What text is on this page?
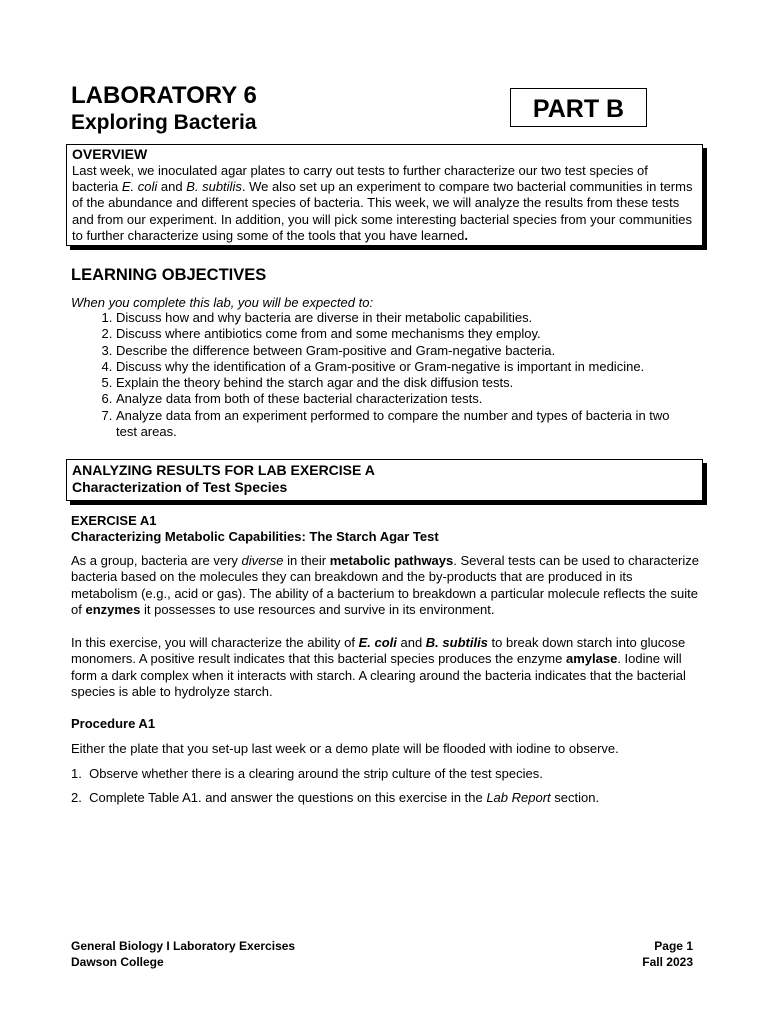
LABORATORY 6
Exploring Bacteria	PART B
OVERVIEW

Last week, we inoculated agar plates to carry out tests to further characterize our two test species of bacteria E. coli and B. subtilis. We also set up an experiment to compare two bacterial communities in terms of the abundance and different species of bacteria. This week, we will analyze the results from these tests and from our experiment. In addition, you will pick some interesting bacterial species from your communities to further characterize using some of the tools that you have learned.

LEARNING OBJECTIVES
When you complete this lab, you will be expected to:
1. Discuss how and why bacteria are diverse in their metabolic capabilities.
2. Discuss where antibiotics come from and some mechanisms they employ.
3. Describe the difference between Gram-positive and Gram-negative bacteria.
4. Discuss why the identification of a Gram-positive or Gram-negative is important in medicine.
5. Explain the theory behind the starch agar and the disk diffusion tests.
6. Analyze data from both of these bacterial characterization tests.
7. Analyze data from an experiment performed to compare the number and types of bacteria in two test areas.
ANALYZING RESULTS FOR LAB EXERCISE A
Characterization of Test Species
EXERCISE A1
Characterizing Metabolic Capabilities: The Starch Agar Test

As a group, bacteria are very diverse in their metabolic pathways. Several tests can be used to characterize bacteria based on the molecules they can breakdown and the by-products that are produced in its metabolism (e.g., acid or gas). The ability of a bacterium to breakdown a particular molecule reflects the suite of enzymes it possesses to use resources and survive in its environment.

In this exercise, you will characterize the ability of E. coli and B. subtilis to break down starch into glucose monomers. A positive result indicates that this bacterial species produces the enzyme amylase. Iodine will form a dark complex when it interacts with starch. A clearing around the bacteria indicates that the bacterial species is able to hydrolyze starch.

Procedure A1
Either the plate that you set-up last week or a demo plate will be flooded with iodine to observe.
1. Observe whether there is a clearing around the strip culture of the test species.
2. Complete Table A1. and answer the questions on this exercise in the Lab Report section.
General Biology I Laboratory Exercises
Dawson College
Page 1
Fall 2023
